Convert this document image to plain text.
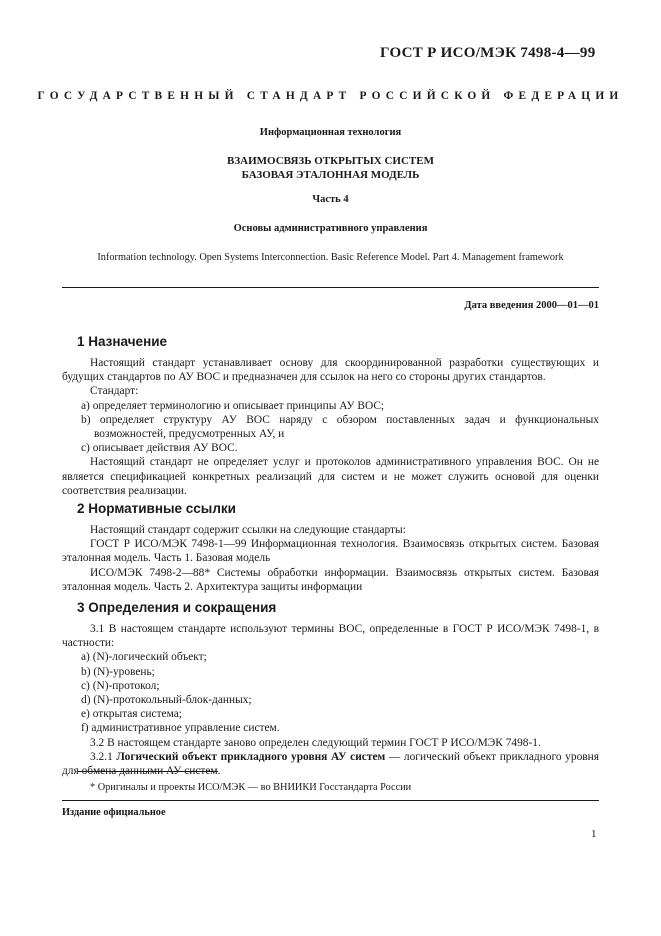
ГОСТ Р ИСО/МЭК 7498-4—99
ГОСУДАРСТВЕННЫЙ СТАНДАРТ РОССИЙСКОЙ ФЕДЕРАЦИИ
Информационная технология
ВЗАИМОСВЯЗЬ ОТКРЫТЫХ СИСТЕМ
БАЗОВАЯ ЭТАЛОННАЯ МОДЕЛЬ
Часть 4
Основы административного управления
Information technology. Open Systems Interconnection. Basic Reference Model. Part 4. Management framework
Дата введения 2000—01—01
1 Назначение

Настоящий стандарт устанавливает основу для скоординированной разработки существующих и будущих стандартов по АУ ВОС и предназначен для ссылок на него со стороны других стандартов.

Стандарт:

a) определяет терминологию и описывает принципы АУ ВОС;

b) определяет структуру АУ ВОС наряду с обзором поставленных задач и функциональных возможностей, предусмотренных АУ, и

c) описывает действия АУ ВОС.

Настоящий стандарт не определяет услуг и протоколов административного управления ВОС. Он не является спецификацией конкретных реализаций для систем и не может служить основой для оценки соответствия реализации.

2 Нормативные ссылки

Настоящий стандарт содержит ссылки на следующие стандарты:

ГОСТ Р ИСО/МЭК 7498-1—99 Информационная технология. Взаимосвязь открытых систем. Базовая эталонная модель. Часть 1. Базовая модель

ИСО/МЭК 7498-2—88* Системы обработки информации. Взаимосвязь открытых систем. Базовая эталонная модель. Часть 2. Архитектура защиты информации

3 Определения и сокращения

3.1 В настоящем стандарте используют термины ВОС, определенные в ГОСТ Р ИСО/МЭК 7498-1, в частности:

a) (N)-логический объект;

b) (N)-уровень;

c) (N)-протокол;

d) (N)-протокольный-блок-данных;

e) открытая система;

f) административное управление систем.

3.2 В настоящем стандарте заново определен следующий термин ГОСТ Р ИСО/МЭК 7498-1.

3.2.1 Логический объект прикладного уровня АУ систем — логический объект прикладного уровня для обмена данными АУ систем.

* Оригиналы и проекты ИСО/МЭК — во ВНИИКИ Госстандарта России
Издание официальное
1
